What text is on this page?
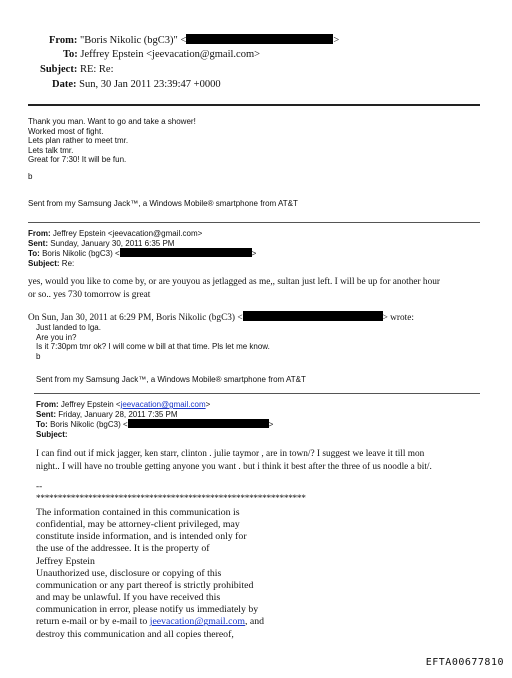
From: "Boris Nikolic (bgC3)" <	>
To: Jeffrey Epstein <jeevacation@gmail.com>
Subject: RE: Re:
Date: Sun, 30 Jan 2011 23:39:47 +0000
Thank you man. Want to go and take a shower!
Worked most of fight.
Lets plan rather to meet tmr.
Lets talk tmr.
Great for 7:30! It will be fun.
b
Sent from my Samsung Jack™, a Windows Mobile® smartphone from AT&T
From: Jeffrey Epstein <jeevacation@gmail.com>
Sent: Sunday, January 30, 2011 6:35 PM
To: Boris Nikolic (bgC3) <	>
Subject: Re:
yes, would you like to come by, or are youyou as jetlagged as me,, sultan just left. I will be up for another hour
or so.. yes 730 tomorrow is great
On Sun, Jan 30, 2011 at 6:29 PM, Boris Nikolic (bgC3) <	> wrote:
Just landed to lga.
Are you in?
Is it 7:30pm tmr ok? I will come w bill at that time. Pls let me know.
b
Sent from my Samsung Jack™, a Windows Mobile® smartphone from AT&T
From: Jeffrey Epstein <jeevacation@gmail.com>
Sent: Friday, January 28, 2011 7:35 PM
To: Boris Nikolic (bgC3) <	>
Subject:
I can find out if mick jagger, ken starr, clinton . julie taymor , are in town/? I suggest we leave it till mon
night.. I will have no trouble getting anyone you want . but i think it best after the three of us noodle a bit/.
--
**************************************************************
The information contained in this communication is
confidential, may be attorney-client privileged, may
constitute inside information, and is intended only for
the use of the addressee. It is the property of
Jeffrey Epstein
Unauthorized use, disclosure or copying of this
communication or any part thereof is strictly prohibited
and may be unlawful. If you have received this
communication in error, please notify us immediately by
return e-mail or by e-mail to jeevacation@gmail.com, and
destroy this communication and all copies thereof,
EFTA00677810
